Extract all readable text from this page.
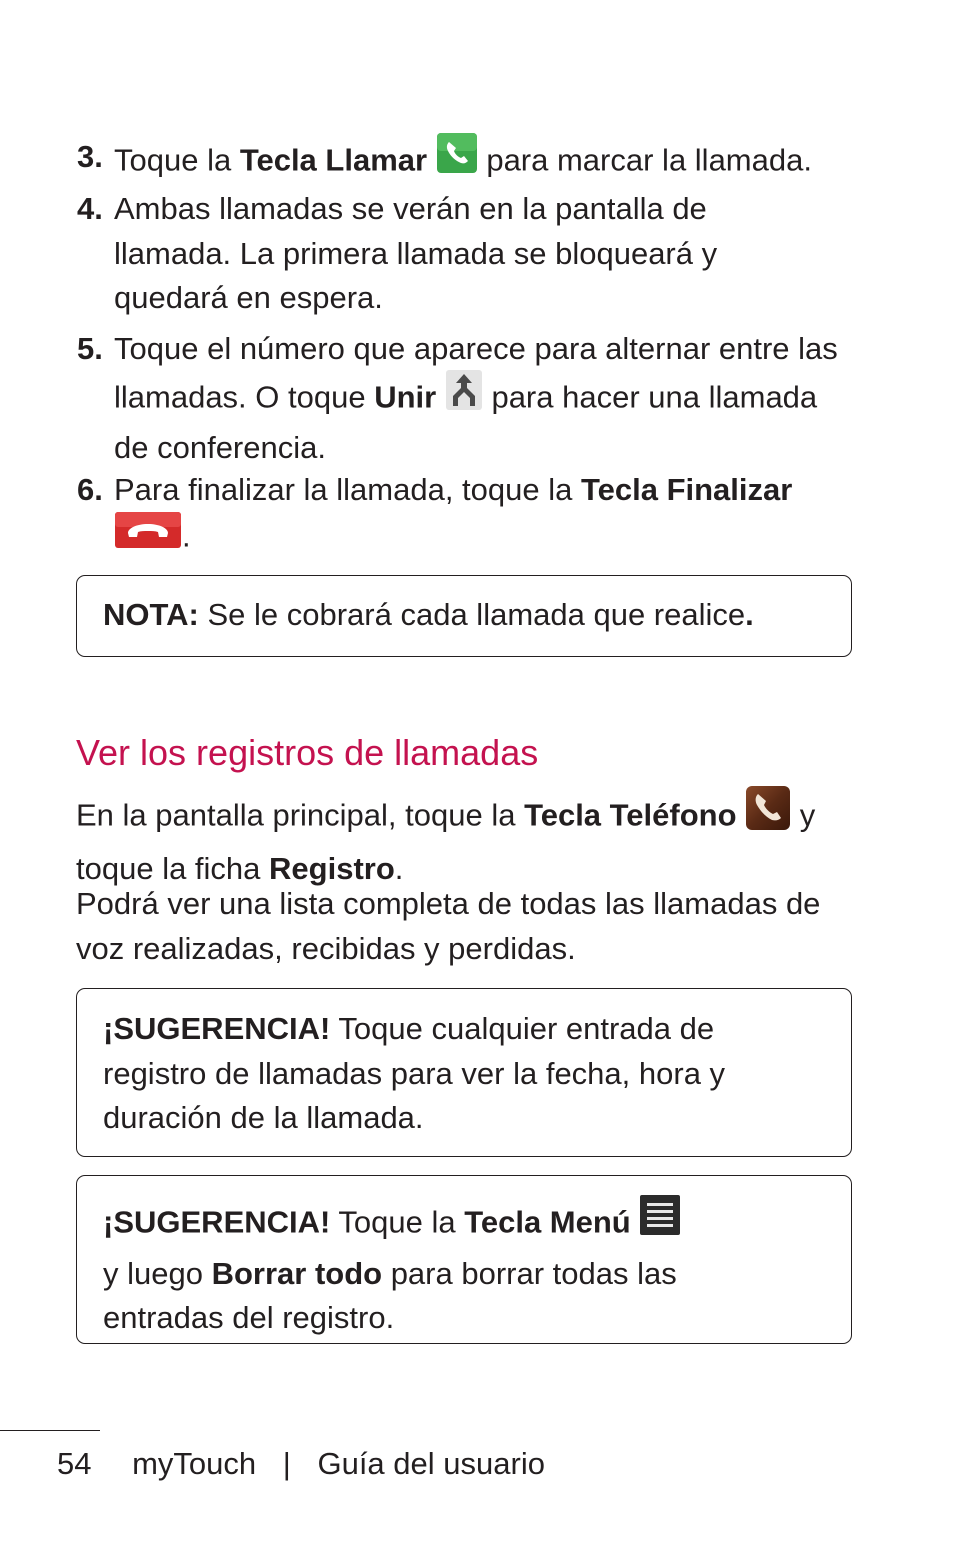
3. Toque la Tecla Llamar  para marcar la llamada.
4. Ambas llamadas se verán en la pantalla de llamada. La primera llamada se bloqueará y quedará en espera.
5. Toque el número que aparece para alternar entre las llamadas. O toque Unir  para hacer una llamada de conferencia.
6. Para finalizar la llamada, toque la Tecla Finalizar
.
NOTA: Se le cobrará cada llamada que realice.
Ver los registros de llamadas
En la pantalla principal, toque la Tecla Teléfono  y toque la ficha Registro.
Podrá ver una lista completa de todas las llamadas de voz realizadas, recibidas y perdidas.
¡SUGERENCIA! Toque cualquier entrada de registro de llamadas para ver la fecha, hora y duración de la llamada.
¡SUGERENCIA! Toque la Tecla Menú
y luego Borrar todo para borrar todas las entradas del registro.
54 myTouch | Guía del usuario
